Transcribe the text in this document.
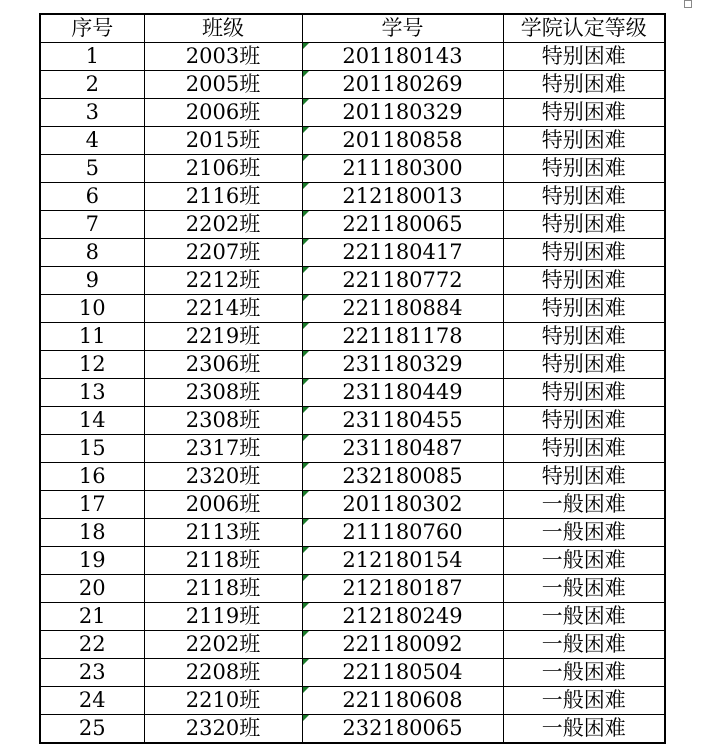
序号	班级	学号	学院认定等级
1	2003班	201180143	特别困难
2	2005班	201180269	特别困难
3	2006班	201180329	特别困难
4	2015班	201180858	特别困难
5	2106班	211180300	特别困难
6	2116班	212180013	特别困难
7	2202班	221180065	特别困难
8	2207班	221180417	特别困难
9	2212班	221180772	特别困难
10	2214班	221180884	特别困难
11	2219班	221181178	特别困难
12	2306班	231180329	特别困难
13	2308班	231180449	特别困难
14	2308班	231180455	特别困难
15	2317班	231180487	特别困难
16	2320班	232180085	特别困难
17	2006班	201180302	一般困难
18	2113班	211180760	一般困难
19	2118班	212180154	一般困难
20	2118班	212180187	一般困难
21	2119班	212180249	一般困难
22	2202班	221180092	一般困难
23	2208班	221180504	一般困难
24	2210班	221180608	一般困难
25	2320班	232180065	一般困难
